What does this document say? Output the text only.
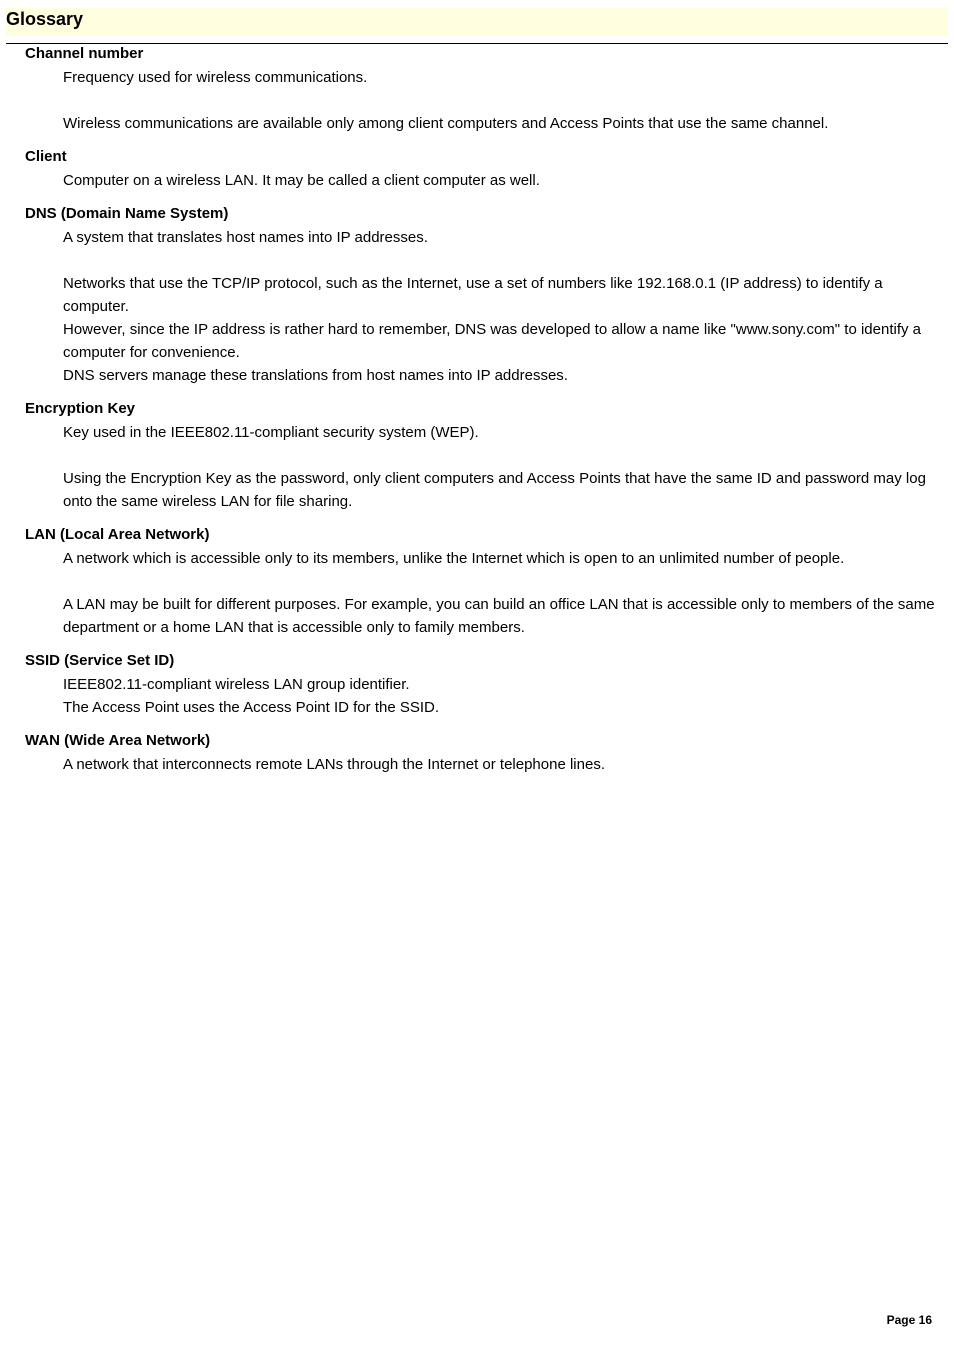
Glossary
Channel number

Frequency used for wireless communications.

Wireless communications are available only among client computers and Access Points that use the same channel.

Client

Computer on a wireless LAN. It may be called a client computer as well.

DNS (Domain Name System)

A system that translates host names into IP addresses.

Networks that use the TCP/IP protocol, such as the Internet, use a set of numbers like 192.168.0.1 (IP address) to identify a computer.

However, since the IP address is rather hard to remember, DNS was developed to allow a name like "www.sony.com" to identify a computer for convenience.

DNS servers manage these translations from host names into IP addresses.

Encryption Key

Key used in the IEEE802.11-compliant security system (WEP).

Using the Encryption Key as the password, only client computers and Access Points that have the same ID and password may log onto the same wireless LAN for file sharing.

LAN (Local Area Network)

A network which is accessible only to its members, unlike the Internet which is open to an unlimited number of people.

A LAN may be built for different purposes. For example, you can build an office LAN that is accessible only to members of the same department or a home LAN that is accessible only to family members.

SSID (Service Set ID)

IEEE802.11-compliant wireless LAN group identifier.

The Access Point uses the Access Point ID for the SSID.

WAN (Wide Area Network)

A network that interconnects remote LANs through the Internet or telephone lines.

Page 16
